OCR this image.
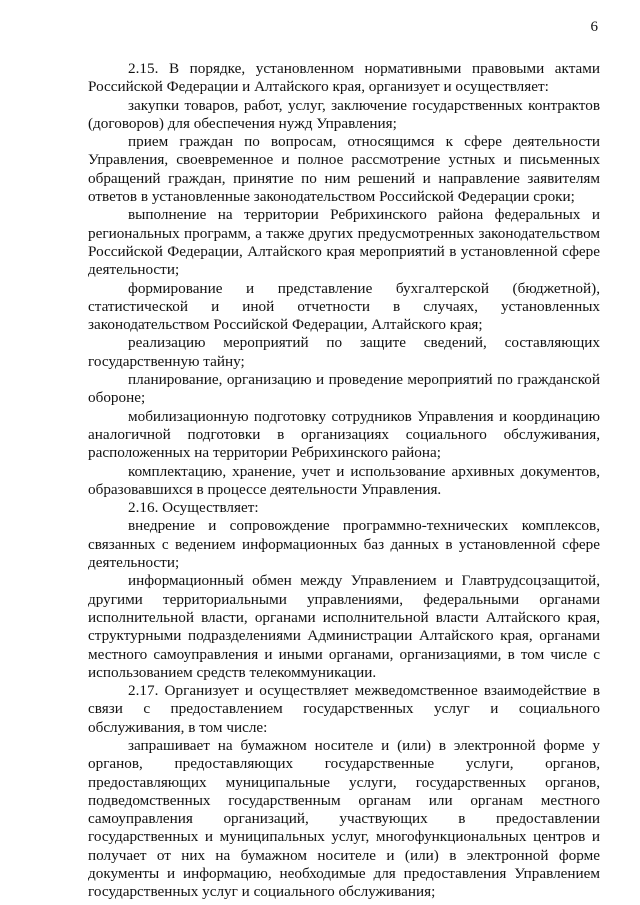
6

2.15. В порядке, установленном нормативными правовыми актами Российской Федерации и Алтайского края, организует и осуществляет:

закупки товаров, работ, услуг, заключение государственных контрактов (договоров) для обеспечения нужд Управления;

прием граждан по вопросам, относящимся к сфере деятельности Управления, своевременное и полное рассмотрение устных и письменных обращений граждан, принятие по ним решений и направление заявителям ответов в установленные законодательством Российской Федерации сроки;

выполнение на территории Ребрихинского района федеральных и региональных программ, а также других предусмотренных законодательством Российской Федерации, Алтайского края мероприятий в установленной сфере деятельности;

формирование и представление бухгалтерской (бюджетной), статистической и иной отчетности в случаях, установленных законодательством Российской Федерации, Алтайского края;

реализацию мероприятий по защите сведений, составляющих государственную тайну;

планирование, организацию и проведение мероприятий по гражданской обороне;

мобилизационную подготовку сотрудников Управления и координацию аналогичной подготовки в организациях социального обслуживания, расположенных на территории Ребрихинского района;

комплектацию, хранение, учет и использование архивных документов, образовавшихся в процессе деятельности Управления.

2.16. Осуществляет:

внедрение и сопровождение программно-технических комплексов, связанных с ведением информационных баз данных в установленной сфере деятельности;

информационный обмен между Управлением и Главтрудсоцзащитой, другими территориальными управлениями, федеральными органами исполнительной власти, органами исполнительной власти Алтайского края, структурными подразделениями Администрации Алтайского края, органами местного самоуправления и иными органами, организациями, в том числе с использованием средств телекоммуникации.

2.17. Организует и осуществляет межведомственное взаимодействие в связи с предоставлением государственных услуг и социального обслуживания, в том числе:

запрашивает на бумажном носителе и (или) в электронной форме у органов, предоставляющих государственные услуги, органов, предоставляющих муниципальные услуги, государственных органов, подведомственных государственным органам или органам местного самоуправления организаций, участвующих в предоставлении государственных и муниципальных услуг, многофункциональных центров и получает от них на бумажном носителе и (или) в электронной форме документы и информацию, необходимые для предоставления Управлением государственных услуг и социального обслуживания;
